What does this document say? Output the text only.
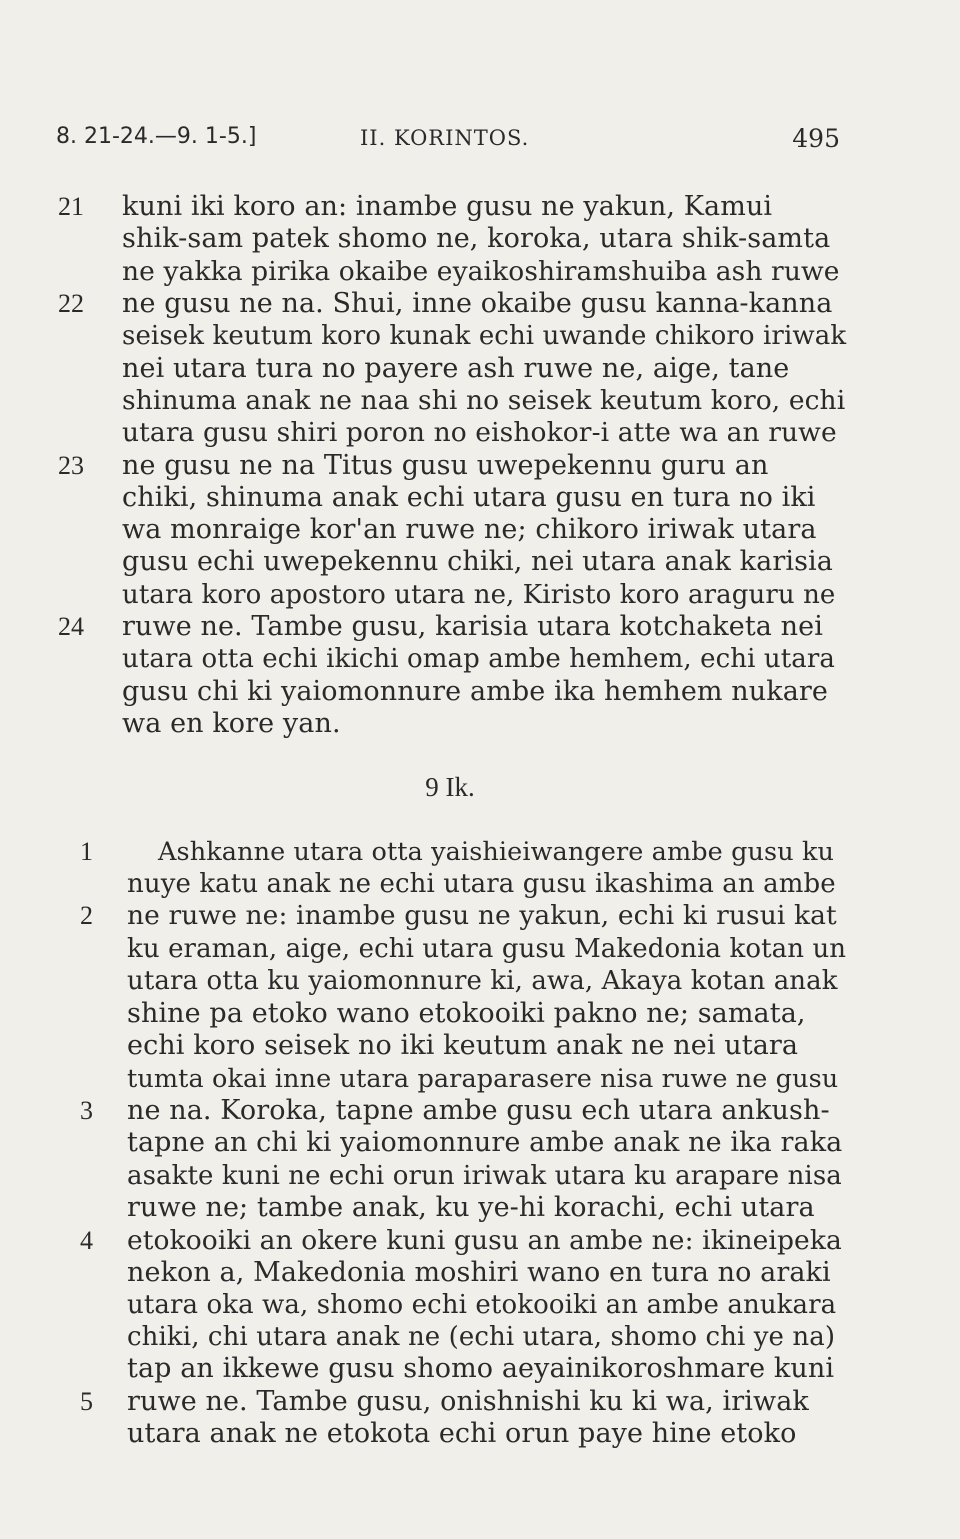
8. 21-24.—9. 1-5.]	II. KORINTOS.	495
21
22
23
24
kuni iki koro an: inambe gusu ne yakun, Kamui
shik-sam patek shomo ne, koroka, utara shik-samta
ne yakka pirika okaibe eyaikoshiramshuiba ash ruwe
ne gusu ne na. Shui, inne okaibe gusu kanna-kanna
seisek keutum koro kunak echi uwande chikoro iriwak
nei utara tura no payere ash ruwe ne, aige, tane
shinuma anak ne naa shi no seisek keutum koro, echi
utara gusu shiri poron no eishokor-i atte wa an ruwe
ne gusu ne na Titus gusu uwepekennu guru an
chiki, shinuma anak echi utara gusu en tura no iki
wa monraige kor'an ruwe ne; chikoro iriwak utara
gusu echi uwepekennu chiki, nei utara anak karisia
utara koro apostoro utara ne, Kiristo koro araguru ne
ruwe ne. Tambe gusu, karisia utara kotchaketa nei
utara otta echi ikichi omap ambe hemhem, echi utara
gusu chi ki yaiomonnure ambe ika hemhem nukare
wa en kore yan.
9 Ik.
1
2
3
4
5
Ashkanne utara otta yaishieiwangere ambe gusu ku
nuye katu anak ne echi utara gusu ikashima an ambe
ne ruwe ne: inambe gusu ne yakun, echi ki rusui kat
ku eraman, aige, echi utara gusu Makedonia kotan un
utara otta ku yaiomonnure ki, awa, Akaya kotan anak
shine pa etoko wano etokooiki pakno ne; samata,
echi koro seisek no iki keutum anak ne nei utara
tumta okai inne utara paraparasere nisa ruwe ne gusu
ne na. Koroka, tapne ambe gusu ech utara ankush-
tapne an chi ki yaiomonnure ambe anak ne ika raka
asakte kuni ne echi orun iriwak utara ku arapare nisa
ruwe ne; tambe anak, ku ye-hi korachi, echi utara
etokooiki an okere kuni gusu an ambe ne: ikineipeka
nekon a, Makedonia moshiri wano en tura no araki
utara oka wa, shomo echi etokooiki an ambe anukara
chiki, chi utara anak ne (echi utara, shomo chi ye na)
tap an ikkewe gusu shomo aeyainikoroshmare kuni
ruwe ne. Tambe gusu, onishnishi ku ki wa, iriwak
utara anak ne etokota echi orun paye hine etoko
